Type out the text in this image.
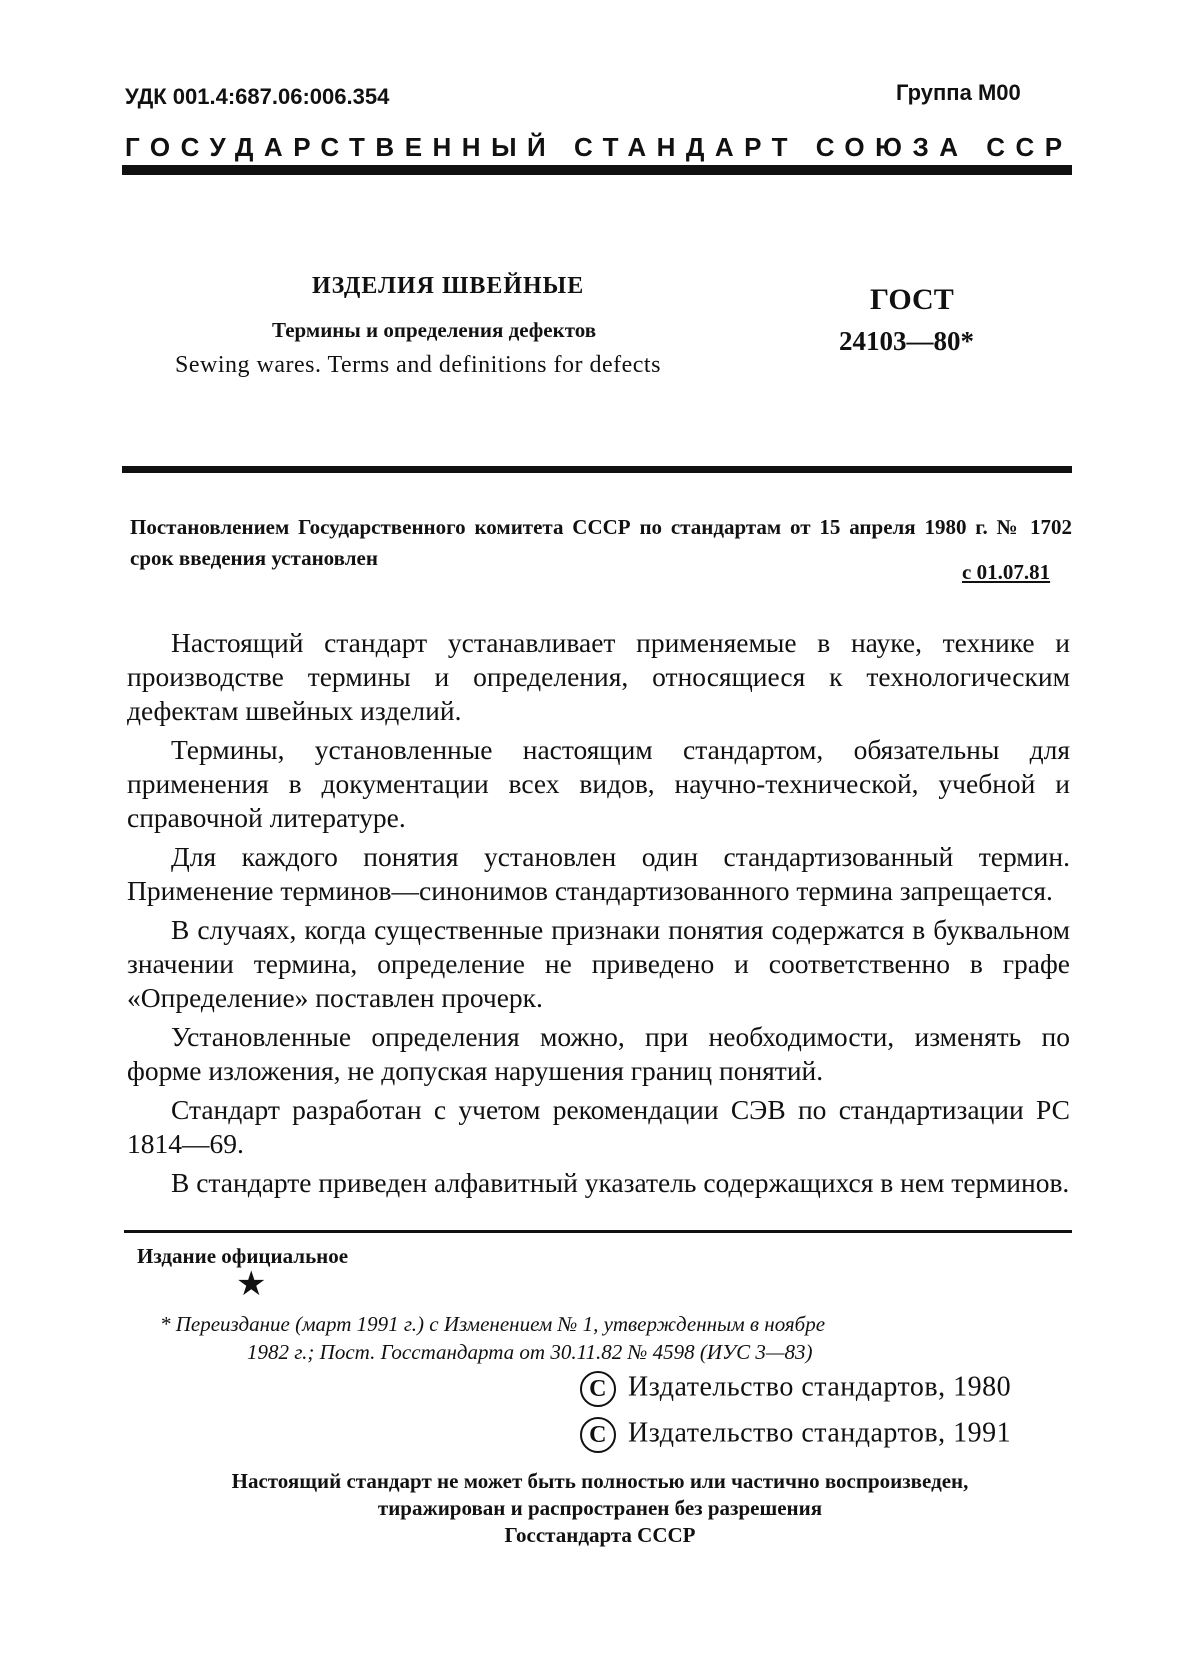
УДК 001.4:687.06:006.354	Группа М00
ГОСУДАРСТВЕННЫЙ СТАНДАРТ СОЮЗА ССР
ИЗДЕЛИЯ ШВЕЙНЫЕ
Термины и определения дефектов
Sewing wares. Terms and definitions for defects
ГОСТ
24103—80*
Постановлением Государственного комитета СССР по стандартам от 15 апреля 1980 г. № 1702 срок введения установлен
с 01.07.81

Настоящий стандарт устанавливает применяемые в науке, технике и производстве термины и определения, относящиеся к технологическим дефектам швейных изделий.

Термины, установленные настоящим стандартом, обязательны для применения в документации всех видов, научно-технической, учебной и справочной литературе.

Для каждого понятия установлен один стандартизованный термин. Применение терминов—синонимов стандартизованного термина запрещается.

В случаях, когда существенные признаки понятия содержатся в буквальном значении термина, определение не приведено и соответственно в графе «Определение» поставлен прочерк.

Установленные определения можно, при необходимости, изменять по форме изложения, не допуская нарушения границ понятий.

Стандарт разработан с учетом рекомендации СЭВ по стандартизации РС 1814—69.

В стандарте приведен алфавитный указатель содержащихся в нем терминов.

Издание официальное
★
* Переиздание (март 1991 г.) с Изменением № 1, утвержденным в ноябре
1982 г.; Пост. Госстандарта от 30.11.82 № 4598 (ИУС 3—83)
C Издательство стандартов, 1980
C Издательство стандартов, 1991
Настоящий стандарт не может быть полностью или частично воспроизведен,
тиражирован и распространен без разрешения
Госстандарта СССР
